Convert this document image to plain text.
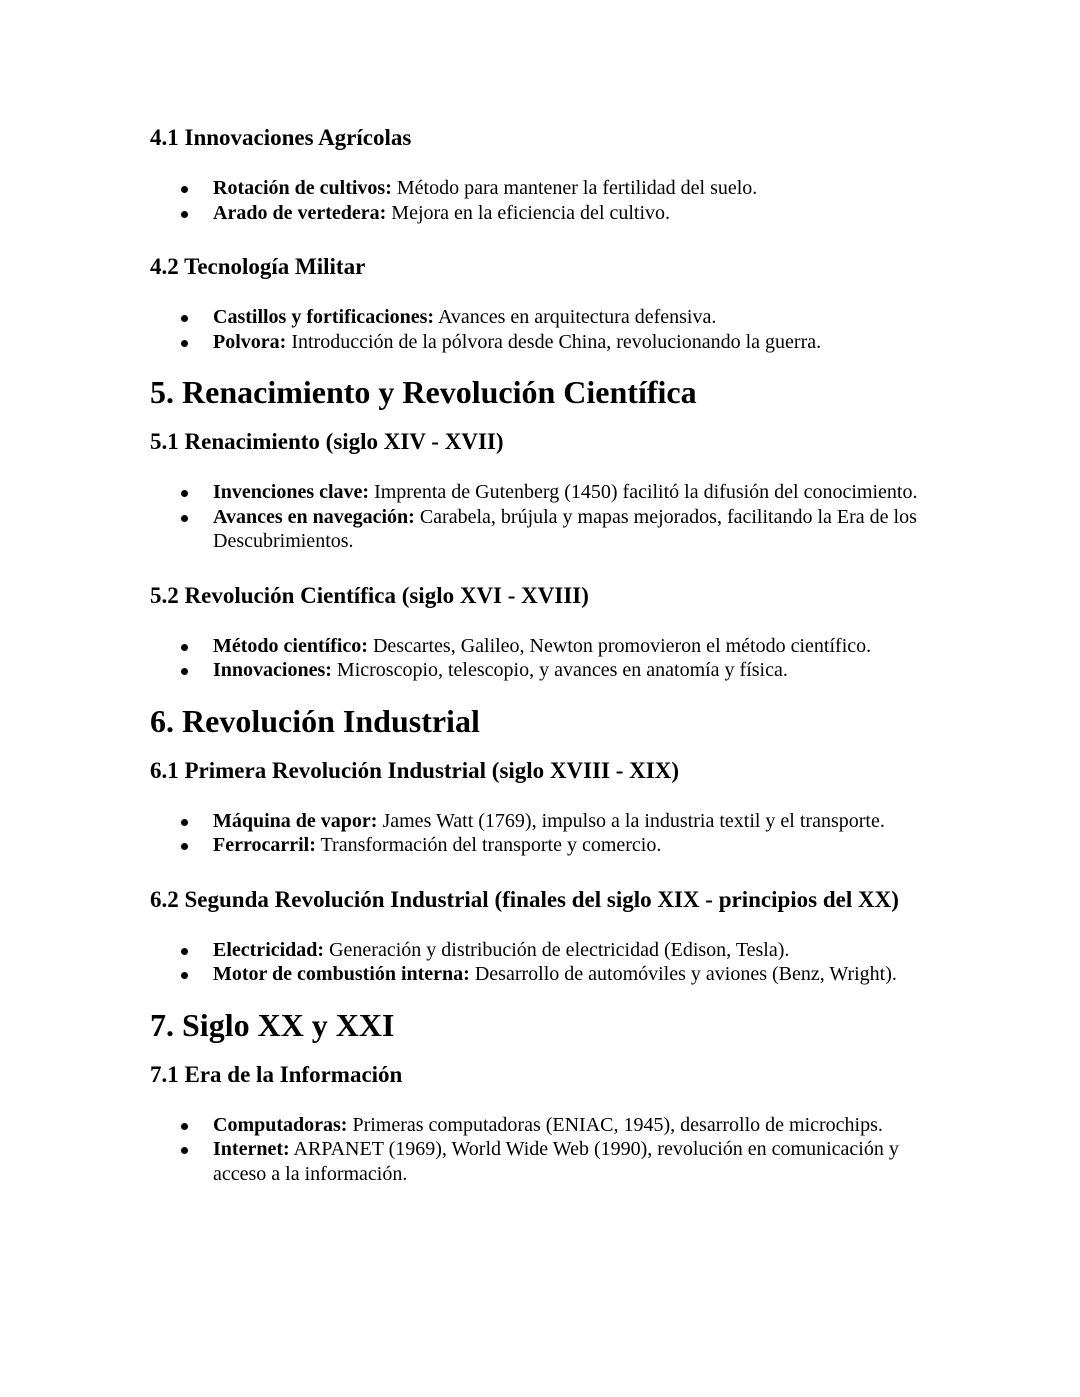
4.1 Innovaciones Agrícolas
Rotación de cultivos: Método para mantener la fertilidad del suelo.
Arado de vertedera: Mejora en la eficiencia del cultivo.
4.2 Tecnología Militar
Castillos y fortificaciones: Avances en arquitectura defensiva.
Polvora: Introducción de la pólvora desde China, revolucionando la guerra.
5. Renacimiento y Revolución Científica
5.1 Renacimiento (siglo XIV - XVII)
Invenciones clave: Imprenta de Gutenberg (1450) facilitó la difusión del conocimiento.
Avances en navegación: Carabela, brújula y mapas mejorados, facilitando la Era de los Descubrimientos.
5.2 Revolución Científica (siglo XVI - XVIII)
Método científico: Descartes, Galileo, Newton promovieron el método científico.
Innovaciones: Microscopio, telescopio, y avances en anatomía y física.
6. Revolución Industrial
6.1 Primera Revolución Industrial (siglo XVIII - XIX)
Máquina de vapor: James Watt (1769), impulso a la industria textil y el transporte.
Ferrocarril: Transformación del transporte y comercio.
6.2 Segunda Revolución Industrial (finales del siglo XIX - principios del XX)
Electricidad: Generación y distribución de electricidad (Edison, Tesla).
Motor de combustión interna: Desarrollo de automóviles y aviones (Benz, Wright).
7. Siglo XX y XXI
7.1 Era de la Información
Computadoras: Primeras computadoras (ENIAC, 1945), desarrollo de microchips.
Internet: ARPANET (1969), World Wide Web (1990), revolución en comunicación y acceso a la información.
